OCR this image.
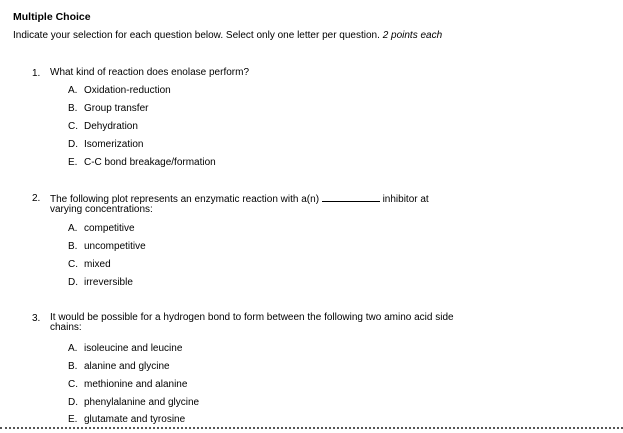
Multiple Choice
Indicate your selection for each question below. Select only one letter per question. 2 points each
1. What kind of reaction does enolase perform?
A. Oxidation-reduction
B. Group transfer
C. Dehydration
D. Isomerization
E. C-C bond breakage/formation
2. The following plot represents an enzymatic reaction with a(n)	inhibitor at varying concentrations:
A. competitive
B. uncompetitive
C. mixed
D. irreversible
3. It would be possible for a hydrogen bond to form between the following two amino acid side chains:
A. isoleucine and leucine
B. alanine and glycine
C. methionine and alanine
D. phenylalanine and glycine
E. glutamate and tyrosine
